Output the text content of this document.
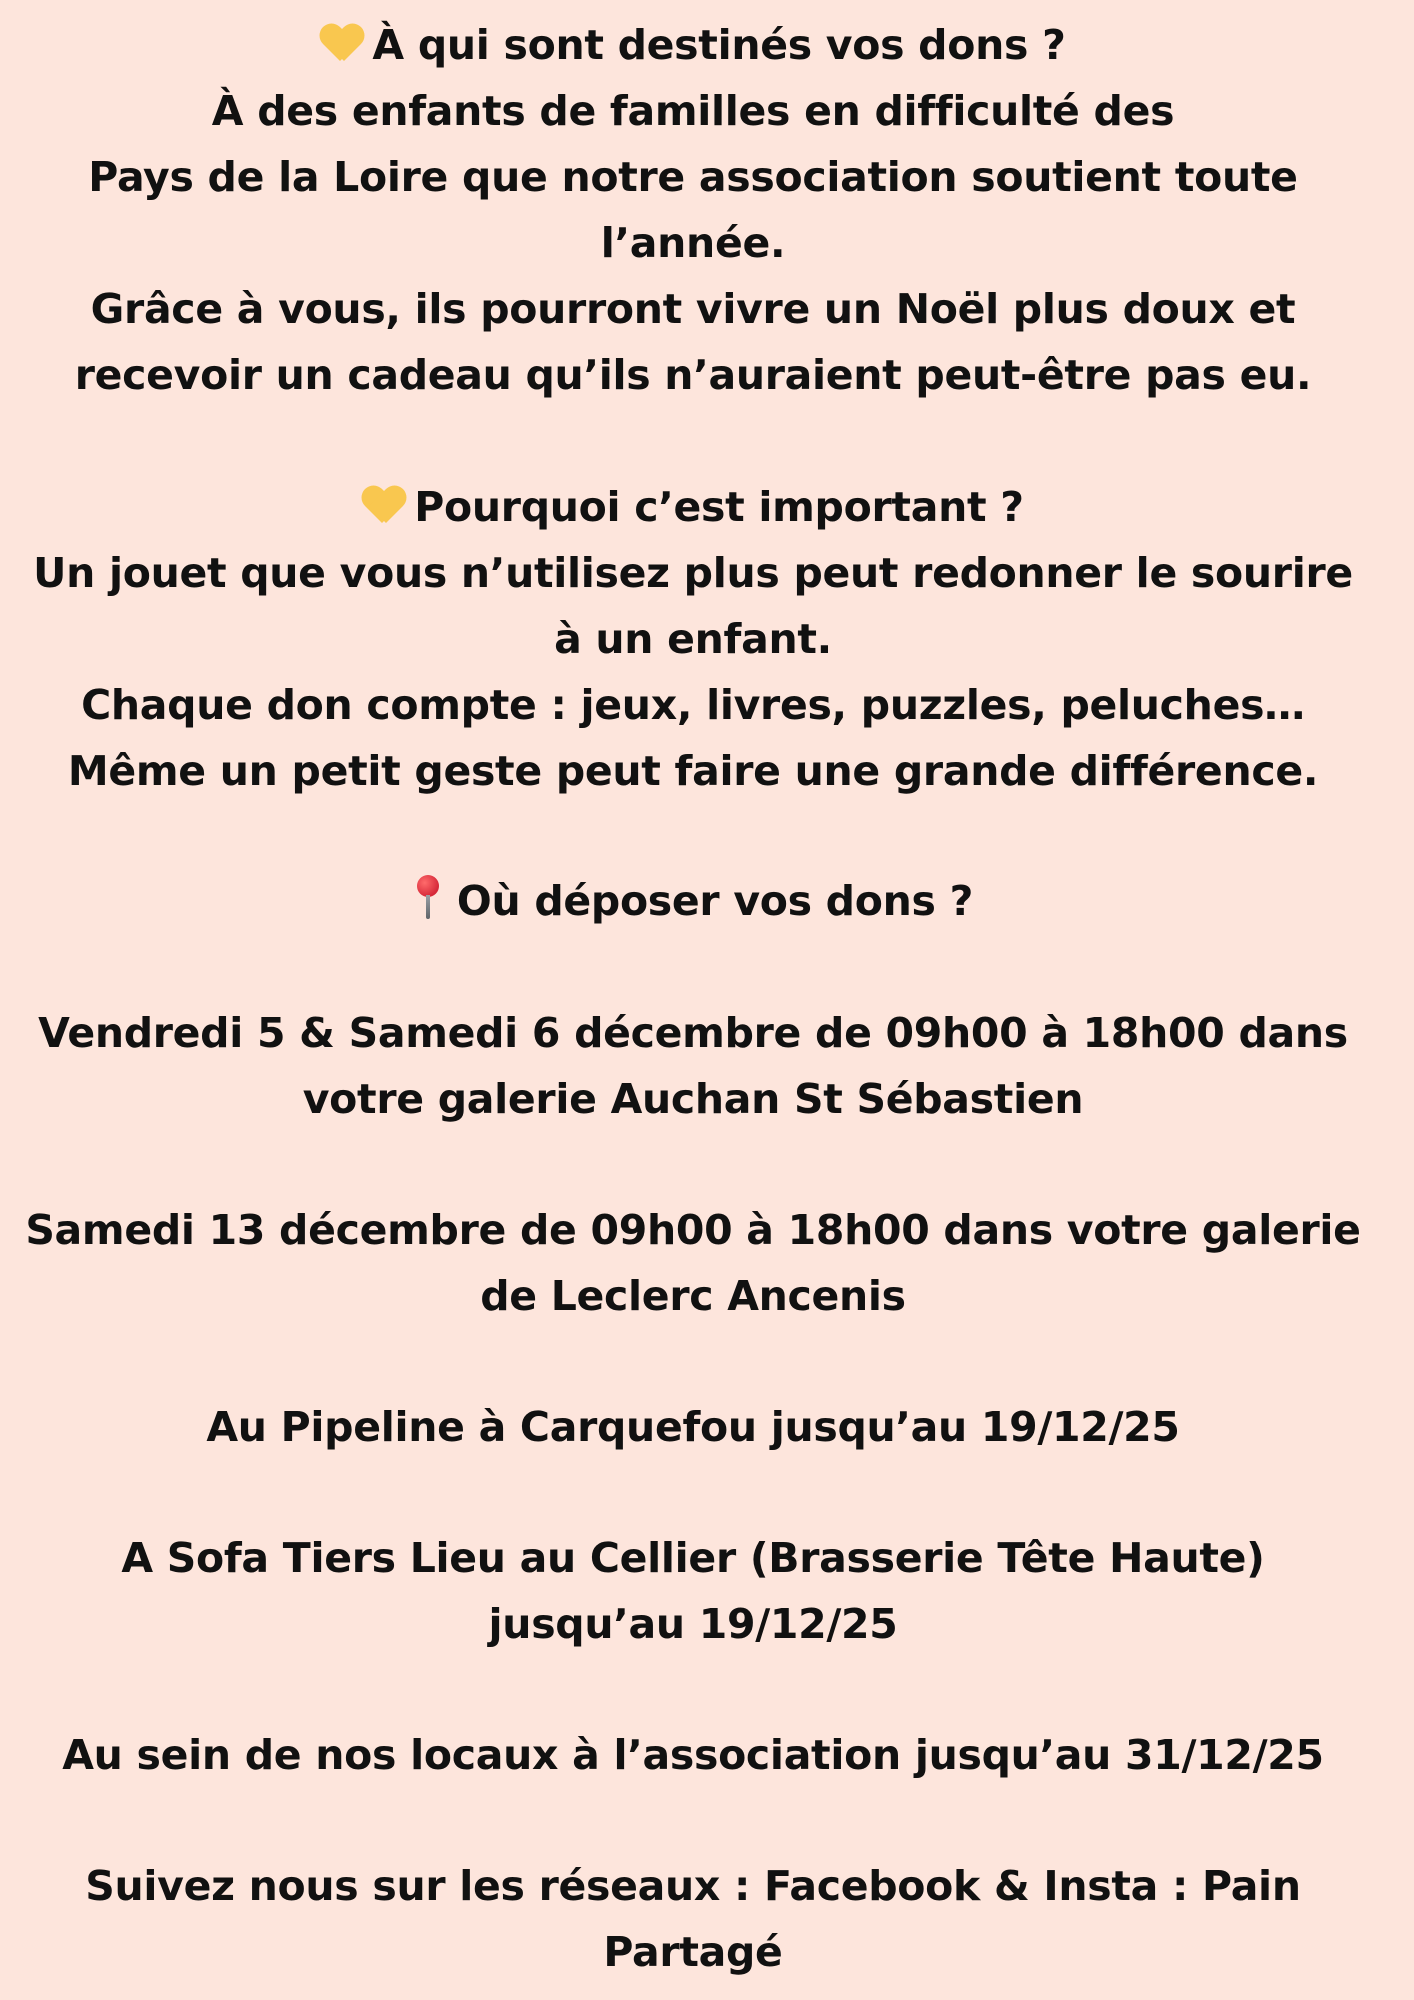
À qui sont destinés vos dons ?
À des enfants de familles en difficulté des
Pays de la Loire que notre association soutient toute
l’année.
Grâce à vous, ils pourront vivre un Noël plus doux et
recevoir un cadeau qu’ils n’auraient peut-être pas eu.
Pourquoi c’est important ?
Un jouet que vous n’utilisez plus peut redonner le sourire
à un enfant.
Chaque don compte : jeux, livres, puzzles, peluches…
Même un petit geste peut faire une grande différence.
Où déposer vos dons ?
Vendredi 5 & Samedi 6 décembre de 09h00 à 18h00 dans
votre galerie Auchan St Sébastien
Samedi 13 décembre de 09h00 à 18h00 dans votre galerie
de Leclerc Ancenis
Au Pipeline à Carquefou jusqu’au 19/12/25
A Sofa Tiers Lieu au Cellier (Brasserie Tête Haute)
jusqu’au 19/12/25
Au sein de nos locaux à l’association jusqu’au 31/12/25
Suivez nous sur les réseaux : Facebook & Insta : Pain
Partagé
